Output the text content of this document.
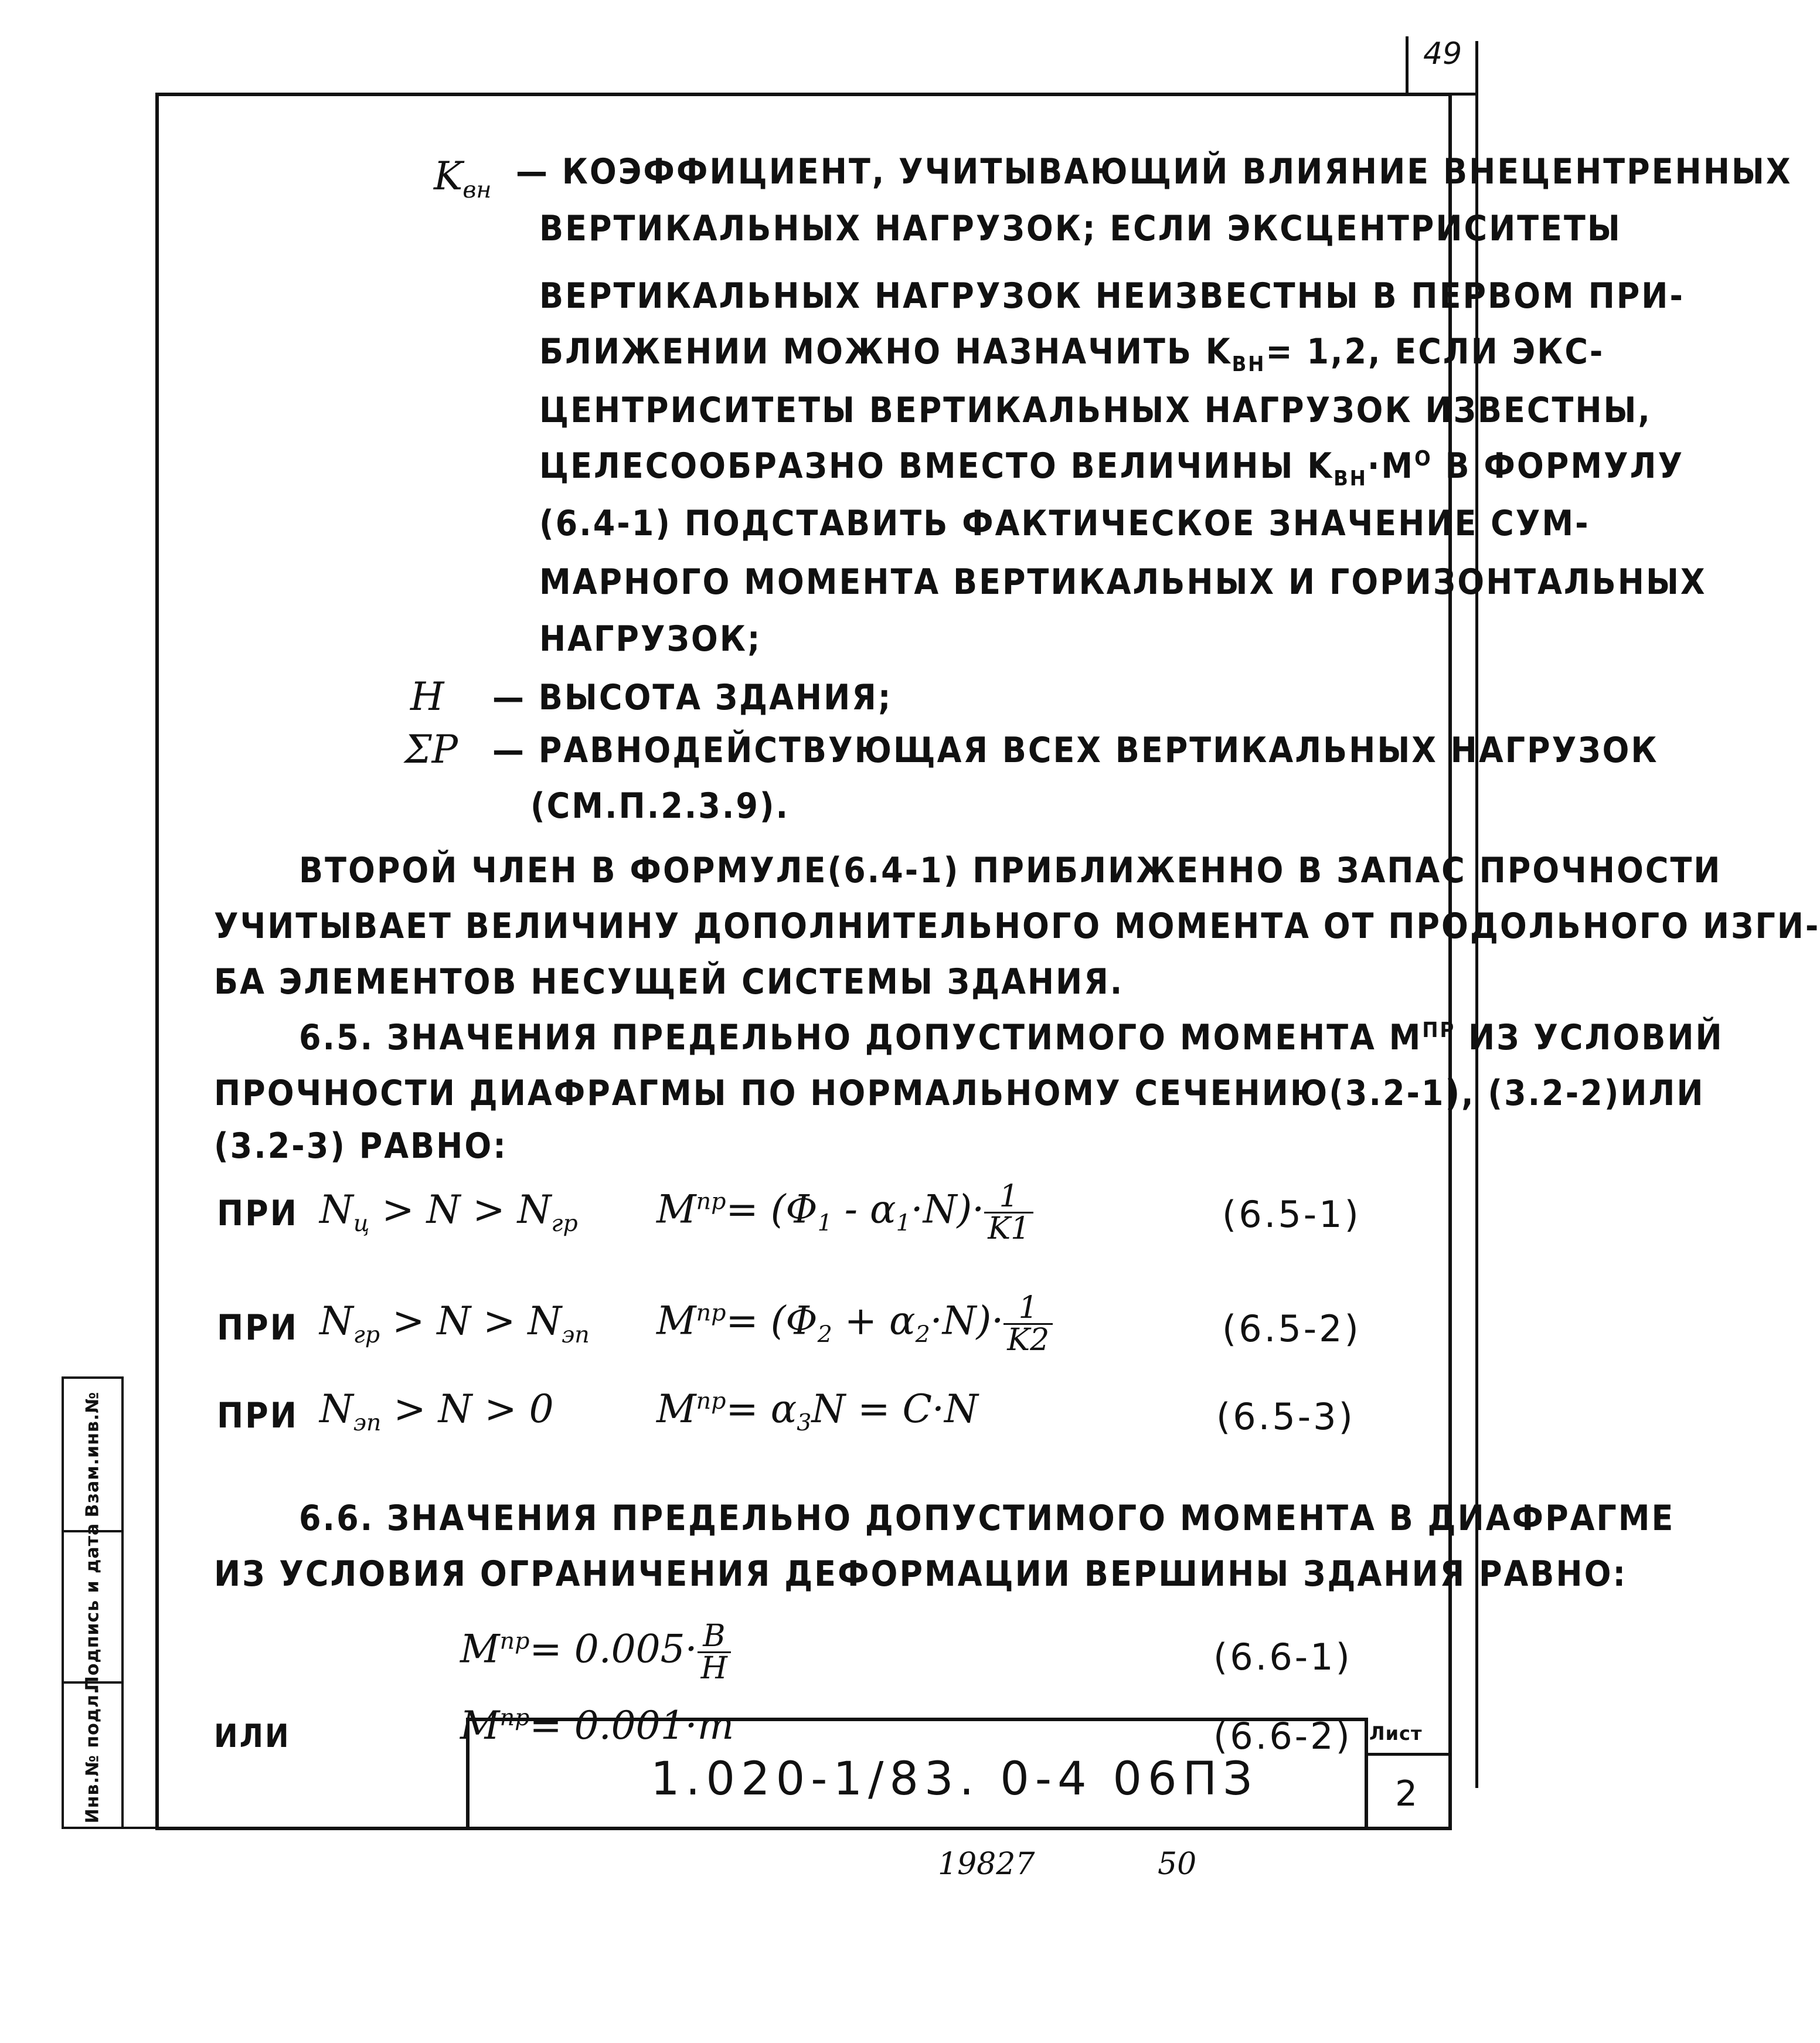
49
$K_{вн}$ — КОЭФФИЦИЕНТ, УЧИТЫВАЮЩИЙ ВЛИЯНИЕ ВНЕЦЕНТРЕННЫХ
ВЕРТИКАЛЬНЫХ НАГРУЗОК; ЕСЛИ ЭКСЦЕНТРИСИТЕТЫ
ВЕРТИКАЛЬНЫХ НАГРУЗОК НЕИЗВЕСТНЫ В ПЕРВОМ ПРИ-
БЛИЖЕНИИ МОЖНО НАЗНАЧИТЬ $K_{ВН}= 1,2$, ЕСЛИ ЭКС-
ЦЕНТРИСИТЕТЫ ВЕРТИКАЛЬНЫХ НАГРУЗОК ИЗВЕСТНЫ,
ЦЕЛЕСООБРАЗНО ВМЕСТО ВЕЛИЧИНЫ $K_{ВН}\cdot M^O$ В ФОРМУЛУ
(6.4-1) ПОДСТАВИТЬ ФАКТИЧЕСКОЕ ЗНАЧЕНИЕ СУМ-
МАРНОГО МОМЕНТА ВЕРТИКАЛЬНЫХ И ГОРИЗОНТАЛЬНЫХ
НАГРУЗОК;
H — ВЫСОТА ЗДАНИЯ;
ΣP — РАВНОДЕЙСТВУЮЩАЯ ВСЕХ ВЕРТИКАЛЬНЫХ НАГРУЗОК
(СМ.П.2.3.9).
ВТОРОЙ ЧЛЕН В ФОРМУЛЕ(6.4-1) ПРИБЛИЖЕННО В ЗАПАС ПРОЧНОСТИ
УЧИТЫВАЕТ ВЕЛИЧИНУ ДОПОЛНИТЕЛЬНОГО МОМЕНТА ОТ ПРОДОЛЬНОГО ИЗГИ-
БА ЭЛЕМЕНТОВ НЕСУЩЕЙ СИСТЕМЫ ЗДАНИЯ.
6.5. ЗНАЧЕНИЯ ПРЕДЕЛЬНО ДОПУСТИМОГО МОМЕНТА $M^{ПР}$ ИЗ УСЛОВИЙ
ПРОЧНОСТИ ДИАФРАГМЫ ПО НОРМАЛЬНОМУ СЕЧЕНИЮ(3.2-1), (3.2-2)ИЛИ
(3.2-3) РАВНО:
ПРИ $N_ц > N > N_{гр}$ $M^{пр}= (\Phi_1 - \alpha_1\cdot N)\cdot \frac{1}{K1}$	(6.5-1)
ПРИ $N_{гр} > N > N_{эп}$ $M^{пр}= (\Phi_2 + \alpha_2\cdot N)\cdot \frac{1}{K2}$	(6.5-2)
ПРИ $N_{эп} > N > 0$	$M^{пр}= \alpha_3N = C\cdot N$	(6.5-3)
6.6. ЗНАЧЕНИЯ ПРЕДЕЛЬНО ДОПУСТИМОГО МОМЕНТА В ДИАФРАГМЕ
ИЗ УСЛОВИЯ ОГРАНИЧЕНИЯ ДЕФОРМАЦИИ ВЕРШИНЫ ЗДАНИЯ РАВНО:
$M^{пр}= 0.005\cdot \frac{B}{H}$	(6.6-1)
ИЛИ	$M^{пр}= 0.001\cdot m$	(6.6-2)
Взам.инв.№
Подпись и дата
Инв.№ подл.	1.020-1/83. 0-4 06ПЗ
Лист
2
19827	50
